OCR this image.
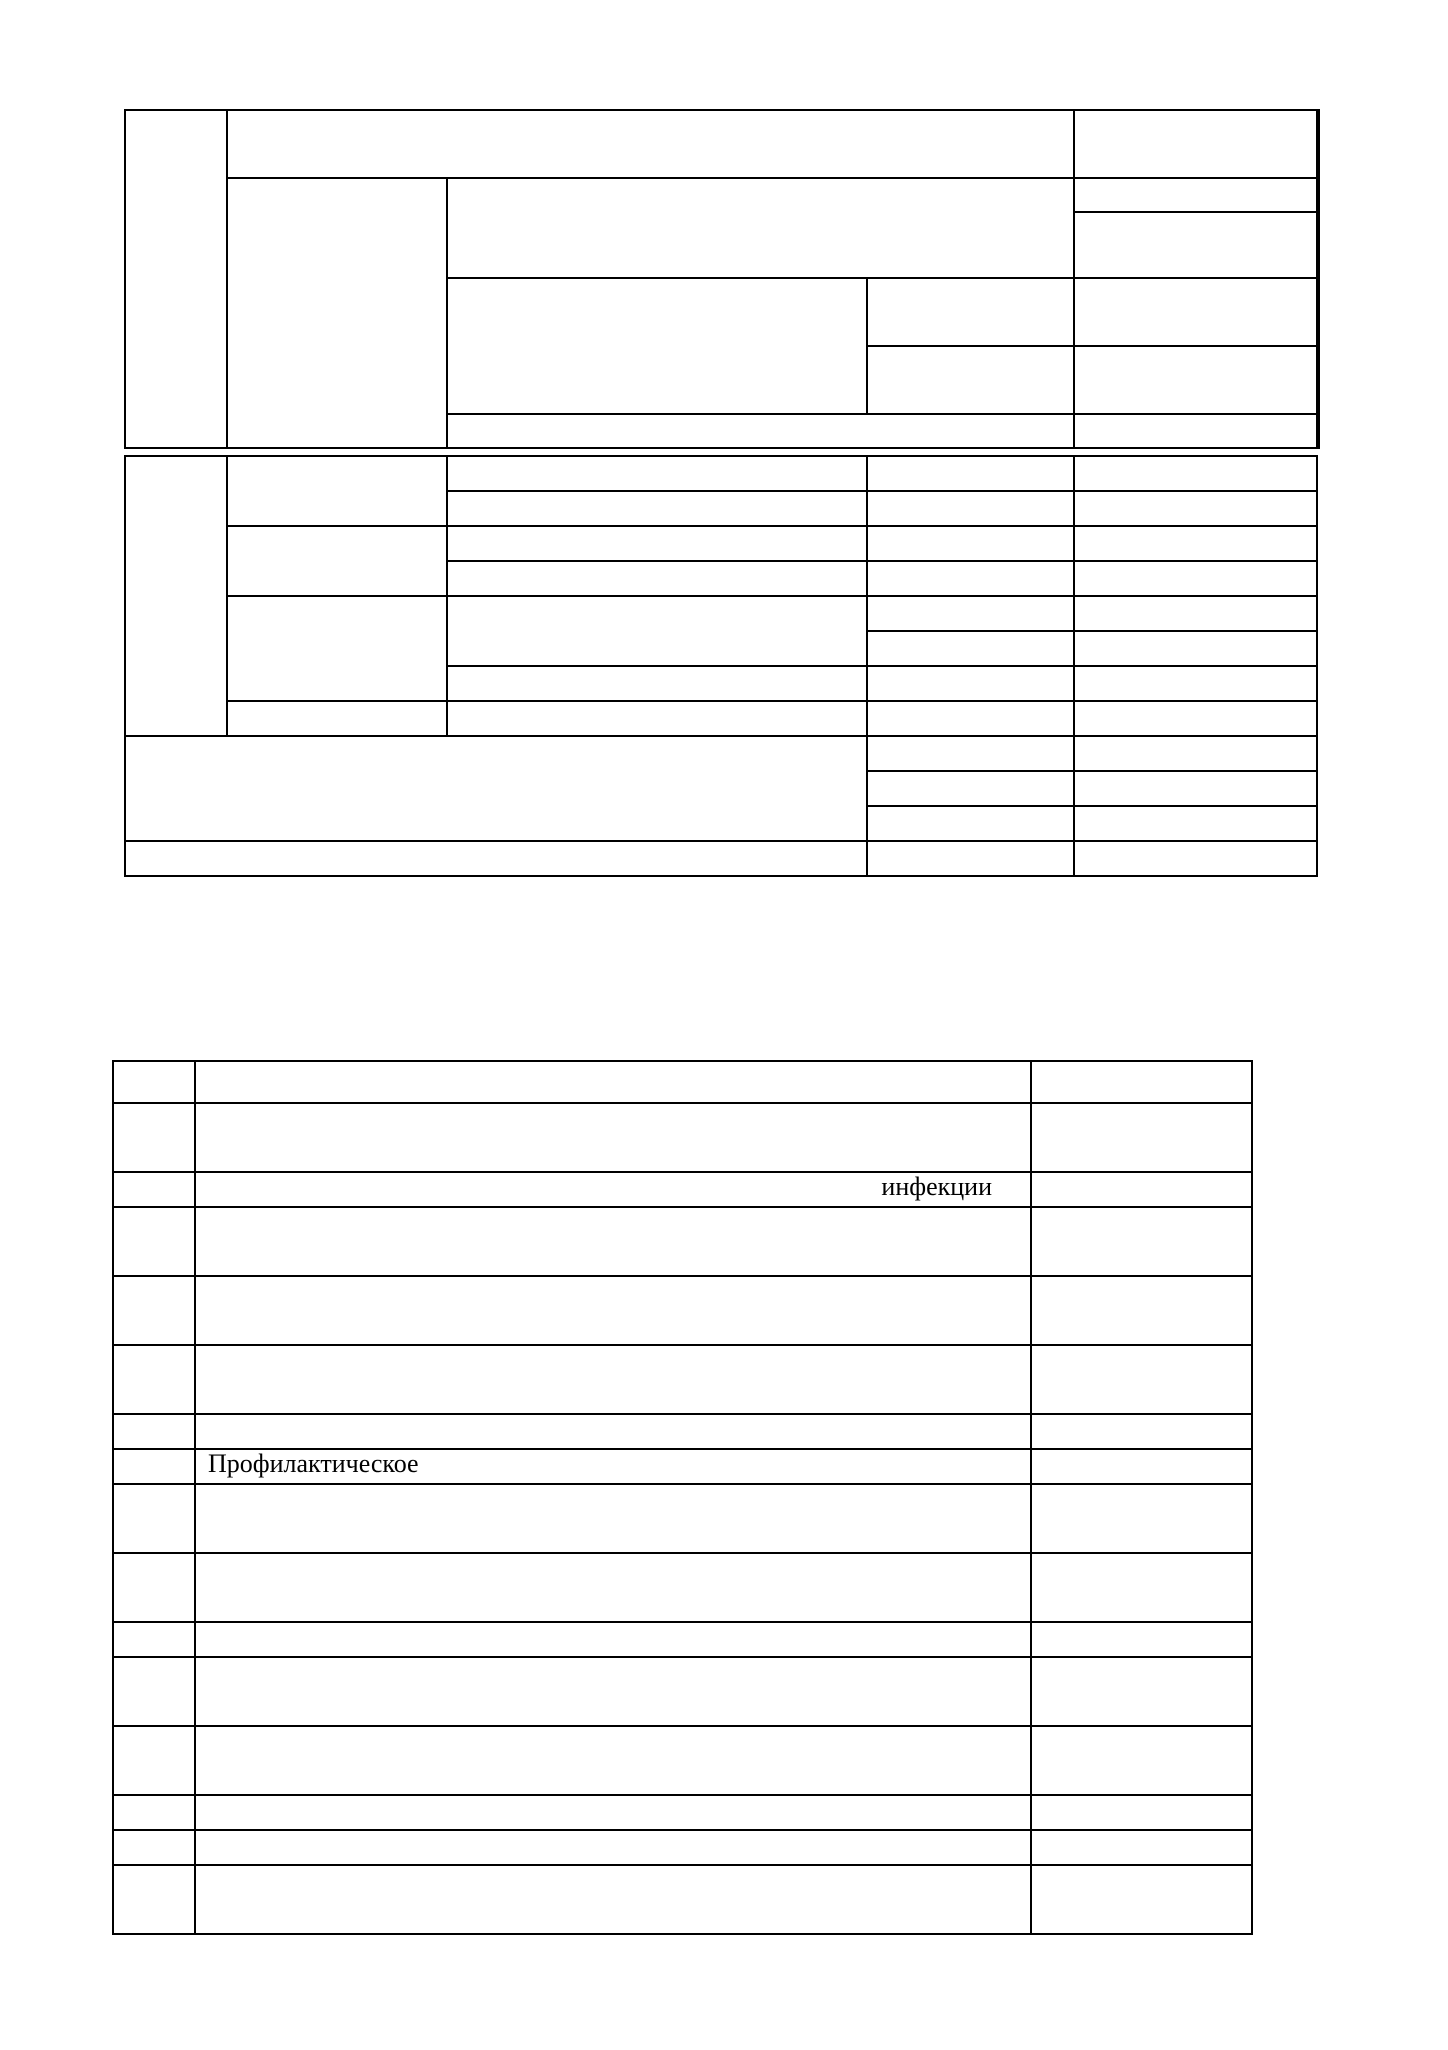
	инфекции	

	Профилактическое	
